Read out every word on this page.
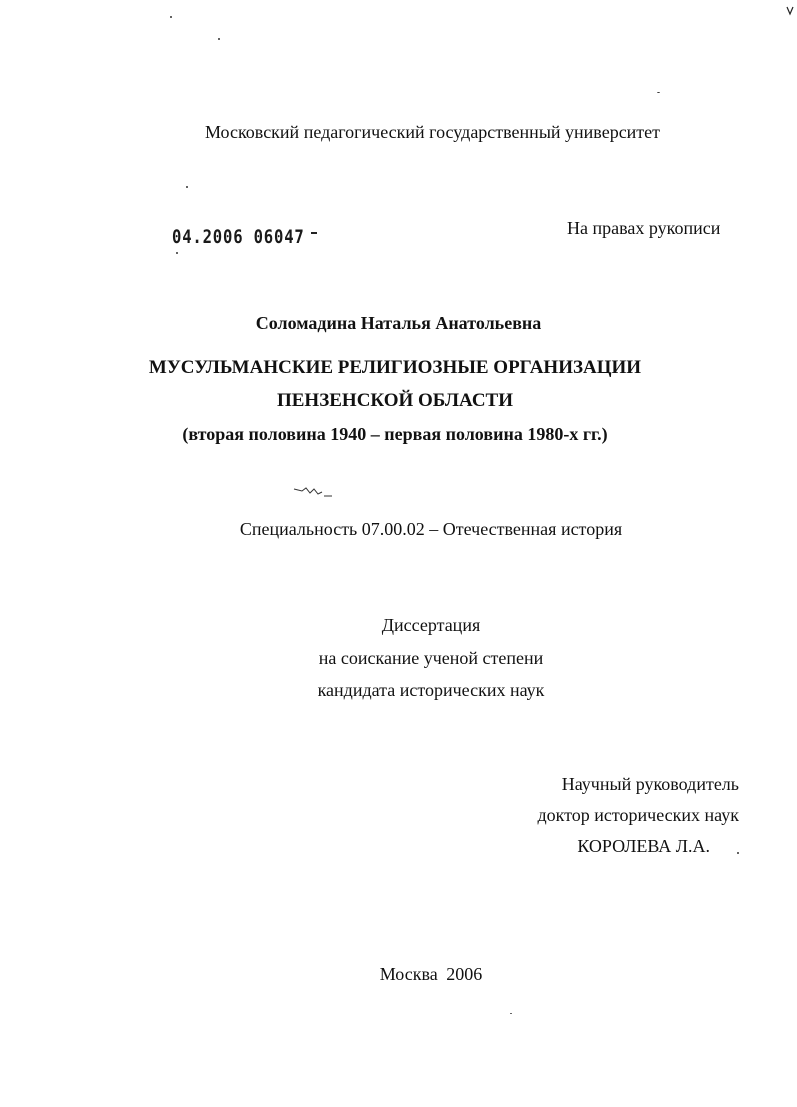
Московский педагогический государственный университет
04.2006 06047	На правах рукописи
Соломадина Наталья Анатольевна
МУСУЛЬМАНСКИЕ РЕЛИГИОЗНЫЕ ОРГАНИЗАЦИИ
ПЕНЗЕНСКОЙ ОБЛАСТИ
(вторая половина 1940 – первая половина 1980-х гг.)
Специальность 07.00.02 – Отечественная история
Диссертация
на соискание ученой степени
кандидата исторических наук
Научный руководитель
доктор исторических наук
КОРОЛЕВА Л.А.
Москва 2006
